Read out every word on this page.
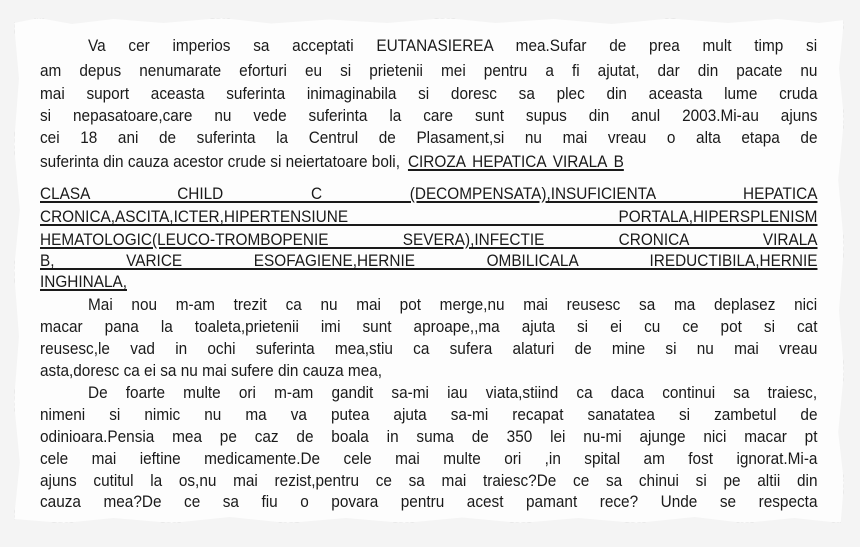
Va cer imperios sa acceptati EUTANASIEREA mea.Sufar de prea mult timp si
am depus nenumarate eforturi eu si prietenii mei pentru a fi ajutat, dar din pacate nu
mai suport aceasta suferinta inimaginabila si doresc sa plec din aceasta lume cruda
si nepasatoare,care nu vede suferinta la care sunt supus din anul 2003.Mi-au ajuns
cei 18 ani de suferinta la Centrul de Plasament,si nu mai vreau o alta etapa de
suferinta din cauza acestor crude si neiertatoare boli, CIROZA HEPATICA VIRALA B
CLASA CHILD C (DECOMPENSATA),INSUFICIENTA HEPATICA
CRONICA,ASCITA,ICTER,HIPERTENSIUNE PORTALA,HIPERSPLENISM
HEMATOLOGIC(LEUCO-TROMBOPENIE SEVERA),INFECTIE CRONICA VIRALA
B, VARICE ESOFAGIENE,HERNIE OMBILICALA IREDUCTIBILA,HERNIE
INGHINALA,
Mai nou m-am trezit ca nu mai pot merge,nu mai reusesc sa ma deplasez nici
macar pana la toaleta,prietenii imi sunt aproape,,ma ajuta si ei cu ce pot si cat
reusesc,le vad in ochi suferinta mea,stiu ca sufera alaturi de mine si nu mai vreau
asta,doresc ca ei sa nu mai sufere din cauza mea,
De foarte multe ori m-am gandit sa-mi iau viata,stiind ca daca continui sa traiesc,
nimeni si nimic nu ma va putea ajuta sa-mi recapat sanatatea si zambetul de
odinioara.Pensia mea pe caz de boala in suma de 350 lei nu-mi ajunge nici macar pt
cele mai ieftine medicamente.De cele mai multe ori ,in spital am fost ignorat.Mi-a
ajuns cutitul la os,nu mai rezist,pentru ce sa mai traiesc?De ce sa chinui si pe altii din
cauza mea?De ce sa fiu o povara pentru acest pamant rece? Unde se respecta
